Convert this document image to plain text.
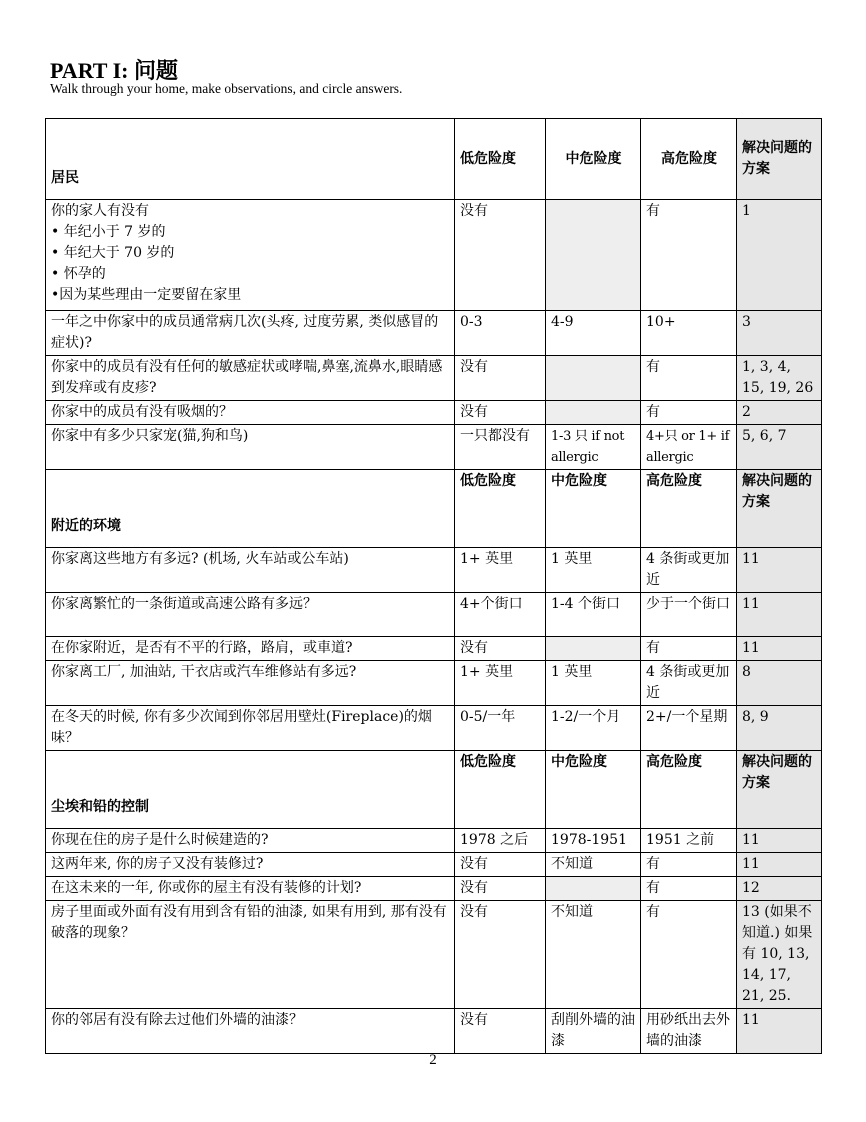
PART I: 问题
Walk through your home, make observations, and circle answers.
居民	低危险度	中危险度	高危险度	解决问题的方案

你的家人有没有
• 年纪小于 7 岁的
• 年纪大于 70 岁的
• 怀孕的
•因为某些理由一定要留在家里	没有		有	1
一年之中你家中的成员通常病几次(头疼, 过度劳累, 类似感冒的症状)?	0-3	4-9	10+	3
你家中的成员有没有任何的敏感症状或哮喘,鼻塞,流鼻水,眼睛感到发痒或有皮疹?	没有		有	1, 3, 4, 15, 19, 26
你家中的成员有没有吸烟的？	没有		有	2
你家中有多少只家宠(猫,狗和鸟)	一只都没有	1-3 只 if not allergic	4+只 or 1+ if allergic	5, 6, 7
附近的环境	低危险度	中危险度	高危险度	解决问题的方案
你家离这些地方有多远? (机场, 火车站或公车站)	1+ 英里	1 英里	4 条街或更加近	11
你家离繁忙的一条街道或高速公路有多远？	4+个街口	1-4 个街口	少于一个街口	11
在你家附近，是否有不平的行路，路肩，或車道?	没有		有	11
你家离工厂, 加油站, 干衣店或汽车维修站有多远?	1+ 英里	1 英里	4 条街或更加近	8
在冬天的时候, 你有多少次闻到你邻居用壁灶(Fireplace)的烟味？	0-5/一年	1-2/一个月	2+/一个星期	8, 9
尘埃和铅的控制	低危险度	中危险度	高危险度	解决问题的方案
你现在住的房子是什么时候建造的?	1978 之后	1978-1951	1951 之前	11
这两年来, 你的房子又没有装修过?	没有	不知道	有	11
在这未来的一年, 你或你的屋主有没有装修的计划?	没有		有	12
房子里面或外面有没有用到含有铅的油漆, 如果有用到, 那有没有破落的现象？	没有	不知道	有	13 (如果不知道.) 如果有 10, 13, 14, 17, 21, 25.
你的邻居有没有除去过他们外墙的油漆？	没有	刮削外墙的油漆	用砂纸出去外墙的油漆	11
2
